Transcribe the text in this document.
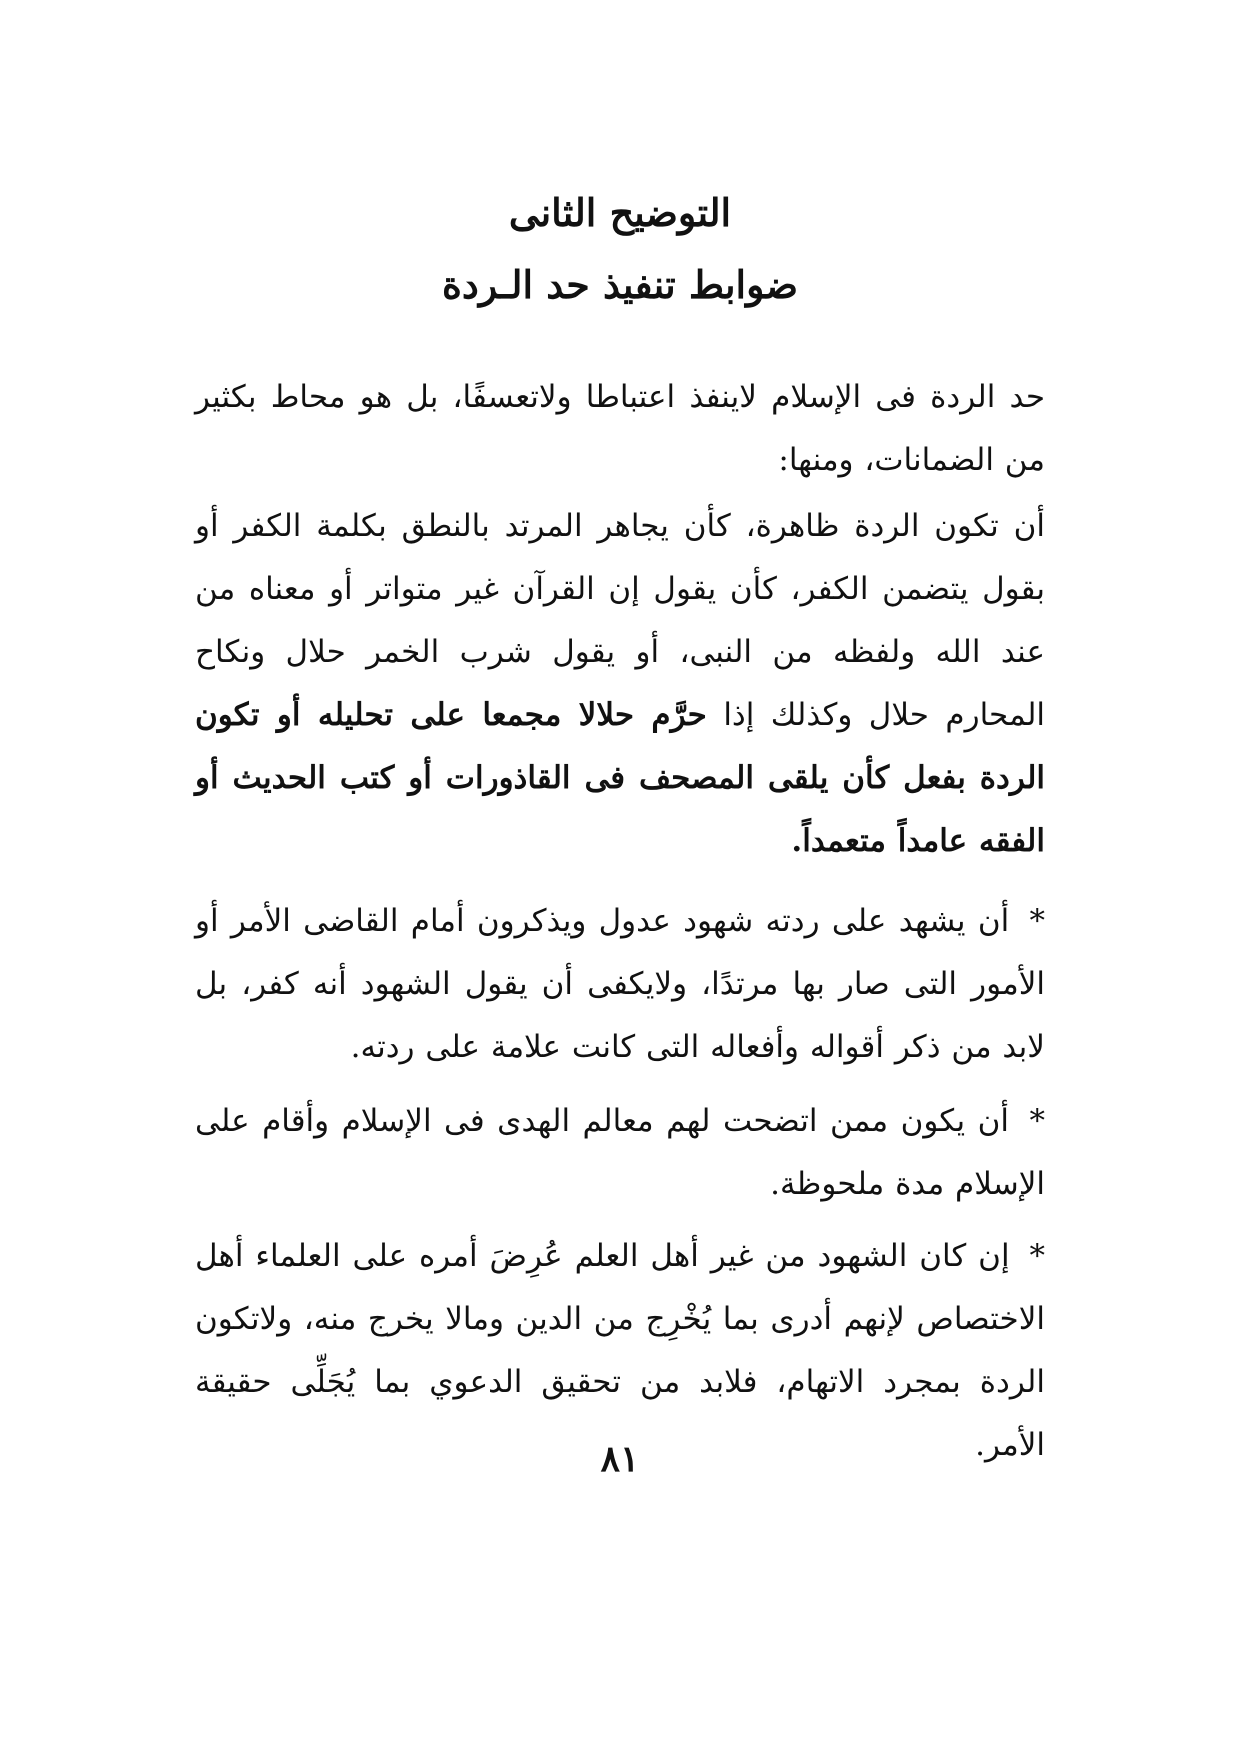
التوضيح الثانى
ضوابط تنفيذ حد الـردة

حد الردة فى الإسلام لاينفذ اعتباطا ولاتعسفًا، بل هو محاط بكثير من الضمانات، ومنها:

أن تكون الردة ظاهرة، كأن يجاهر المرتد بالنطق بكلمة الكفر أو بقول يتضمن الكفر، كأن يقول إن القرآن غير متواتر أو معناه من عند الله ولفظه من النبى، أو يقول شرب الخمر حلال ونكاح المحارم حلال وكذلك إذا حرَّم حلالا مجمعا على تحليله أو تكون الردة بفعل كأن يلقى المصحف فى القاذورات أو كتب الحديث أو الفقه عامداً متعمداً.

* أن يشهد على ردته شهود عدول ويذكرون أمام القاضى الأمر أو الأمور التى صار بها مرتدًا، ولايكفى أن يقول الشهود أنه كفر، بل لابد من ذكر أقواله وأفعاله التى كانت علامة على ردته.

* أن يكون ممن اتضحت لهم معالم الهدى فى الإسلام وأقام على الإسلام مدة ملحوظة.

* إن كان الشهود من غير أهل العلم عُرِضَ أمره على العلماء أهل الاختصاص لإنهم أدرى بما يُخْرِج من الدين ومالا يخرج منه، ولاتكون الردة بمجرد الاتهام، فلابد من تحقيق الدعوي بما يُجَلِّى حقيقة الأمر.

٨١
